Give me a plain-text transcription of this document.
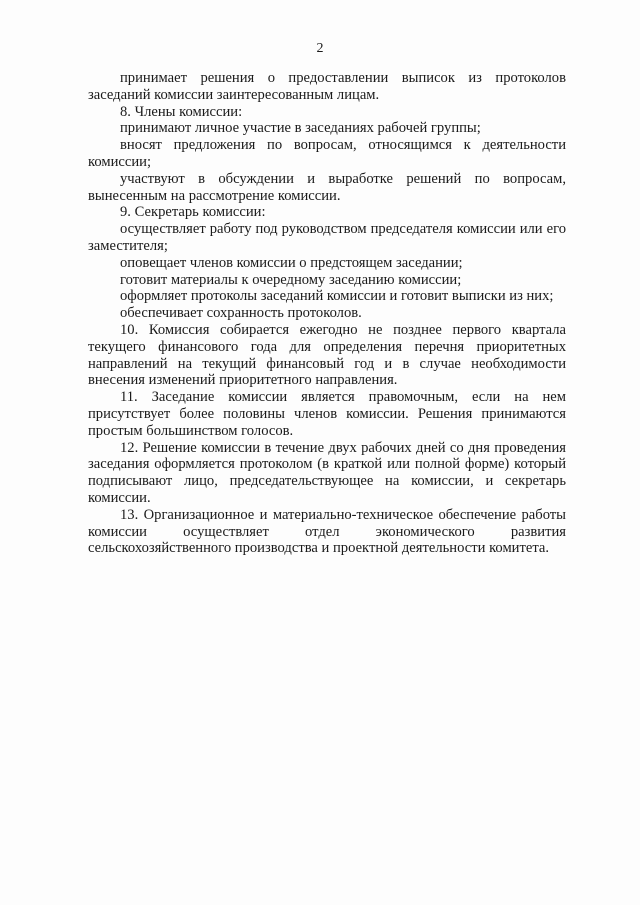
2

принимает решения о предоставлении выписок из протоколов заседаний комиссии заинтересованным лицам.

8. Члены комиссии:

принимают личное участие в заседаниях рабочей группы;

вносят предложения по вопросам, относящимся к деятельности комиссии;

участвуют в обсуждении и выработке решений по вопросам, вынесенным на рассмотрение комиссии.

9. Секретарь комиссии:

осуществляет работу под руководством председателя комиссии или его заместителя;

оповещает членов комиссии о предстоящем заседании;

готовит материалы к очередному заседанию комиссии;

оформляет протоколы заседаний комиссии и готовит выписки из них;

обеспечивает сохранность протоколов.

10. Комиссия собирается ежегодно не позднее первого квартала текущего финансового года для определения перечня приоритетных направлений на текущий финансовый год и в случае необходимости внесения изменений приоритетного направления.

11. Заседание комиссии является правомочным, если на нем присутствует более половины членов комиссии. Решения принимаются простым большинством голосов.

12. Решение комиссии в течение двух рабочих дней со дня проведения заседания оформляется протоколом (в краткой или полной форме) который подписывают лицо, председательствующее на комиссии, и секретарь комиссии.

13. Организационное и материально-техническое обеспечение работы комиссии осуществляет отдел экономического развития сельскохозяйственного производства и проектной деятельности комитета.
